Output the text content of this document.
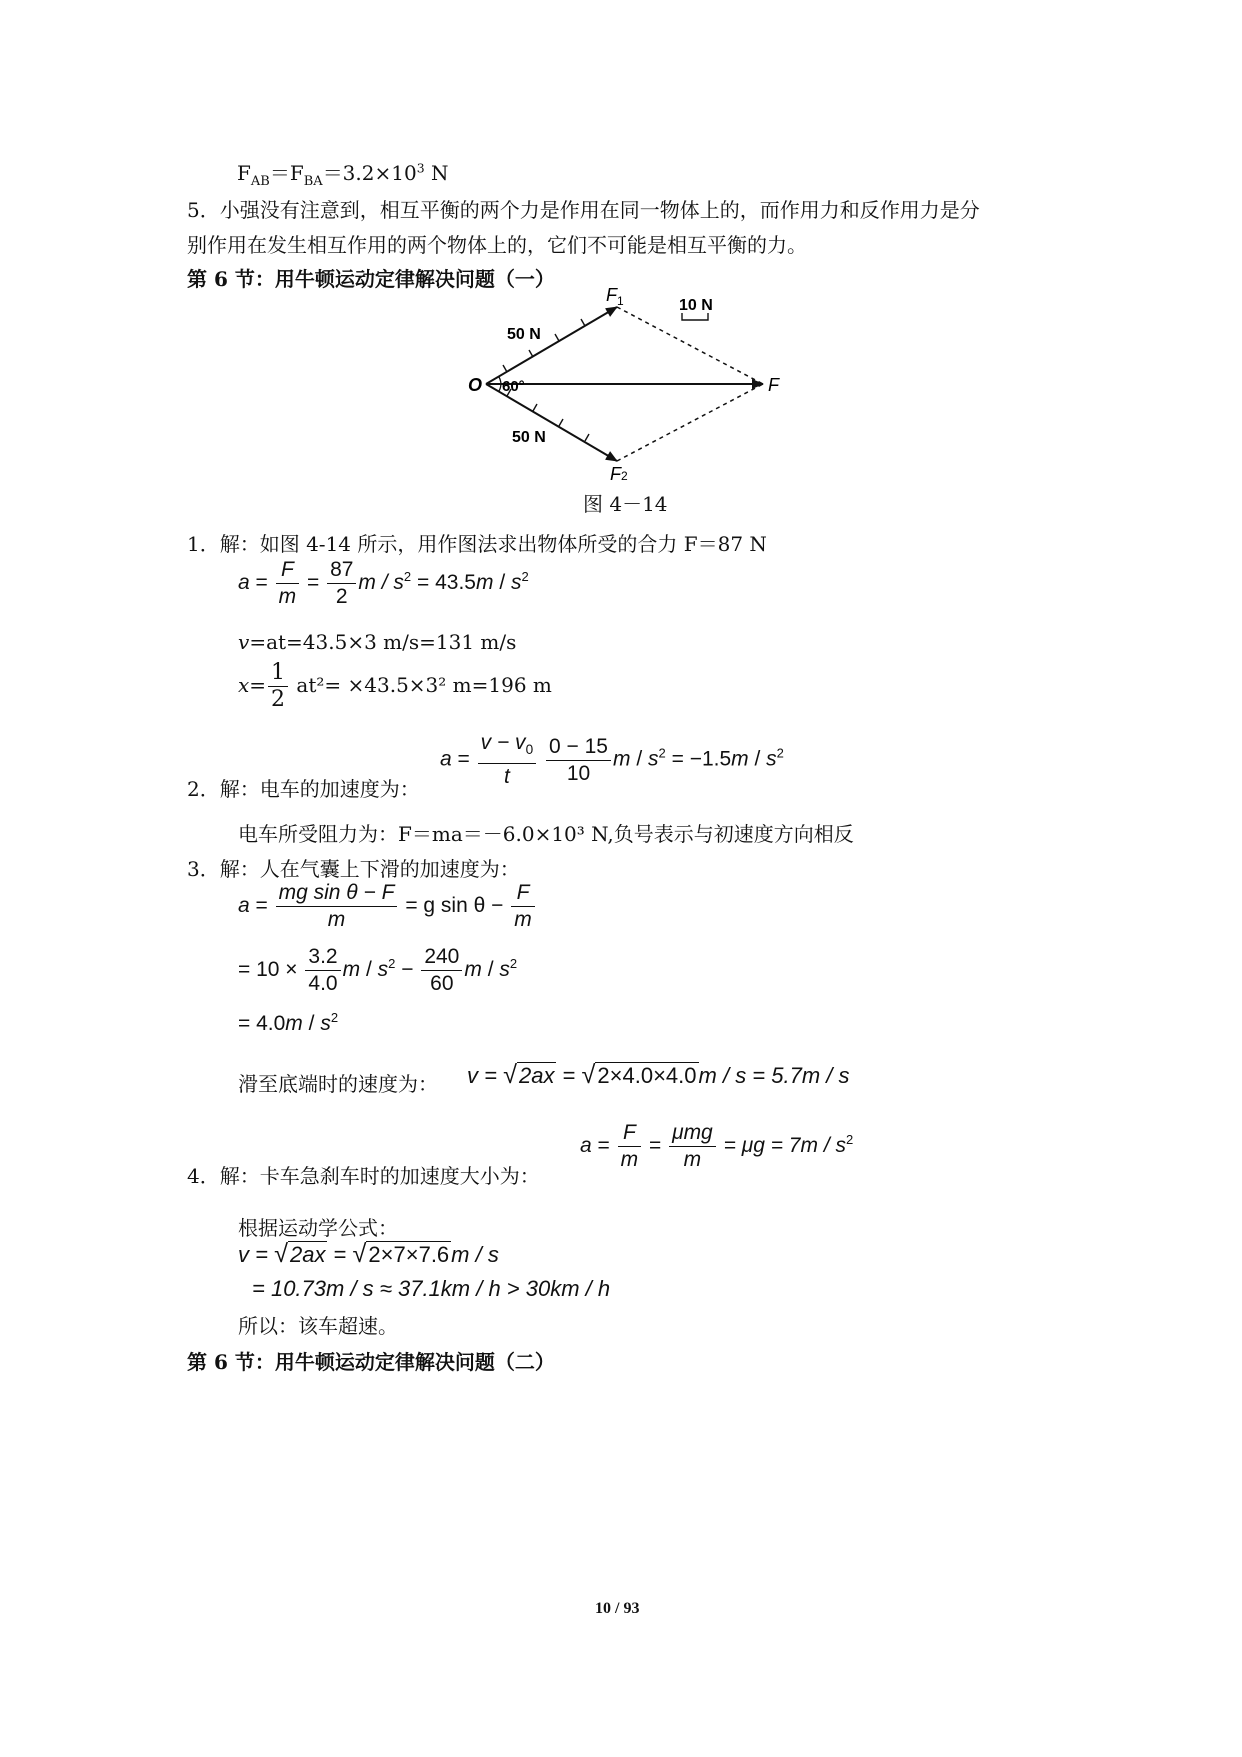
$F_{AB}=F_{BA}=3.2\times 10^3$ N
5．小强没有注意到，相互平衡的两个力是作用在同一物体上的，而作用力和反作用力是分
别作用在发生相互作用的两个物体上的，它们不可能是相互平衡的力。
第 6 节：用牛顿运动定律解决问题（一）
O 60°
50 N
50 N
F 1
F 2
F
10 N
图 4－14
1．解：如图 4-14 所示，用作图法求出物体所受的合力 F＝87 N
$a = \frac{F}{m} = \frac{87}{2}$ $m / s^2 = 43.5m / s^2$
v=at=43.5×3 m/s=131 m/s
$x= \frac{1}{2} at^2= \times 43.5\times 3^2$ m=196 m
2．解：电车的加速度为：
$a = \frac{v - v_0}{t}$
$\frac{0 - 15}{10}$ $m / s^2 = -1.5m / s^2$
电车所受阻力为：F＝ma＝－6.0×10³ N,负号表示与初速度方向相反
3．解：人在气囊上下滑的加速度为：
$a = \frac{\text{mg sin θ − F}}{m} = g$ $\sin \theta - \frac{F}{m}$
= $10 \times \frac{3.2}{4.0}$ $m / s^2 - \frac{240}{60}$ m / $s^2$
= $4.0m / s^2$
滑至底端时的速度为： v = √2ax = √2×4.0×4.0m / s = 5.7m / s
4．解：卡车急刹车时的加速度大小为：
$a = \frac{F}{m} = \frac{\text{μmg}}{m} = \mu g = 7m / s^2$
根据运动学公式：
v = √2ax = √2×7×7.6m / s
= 10.73m / s ≈ 37.1km / h > 30km / h
所以：该车超速。
第 6 节：用牛顿运动定律解决问题（二）
10 / 93
